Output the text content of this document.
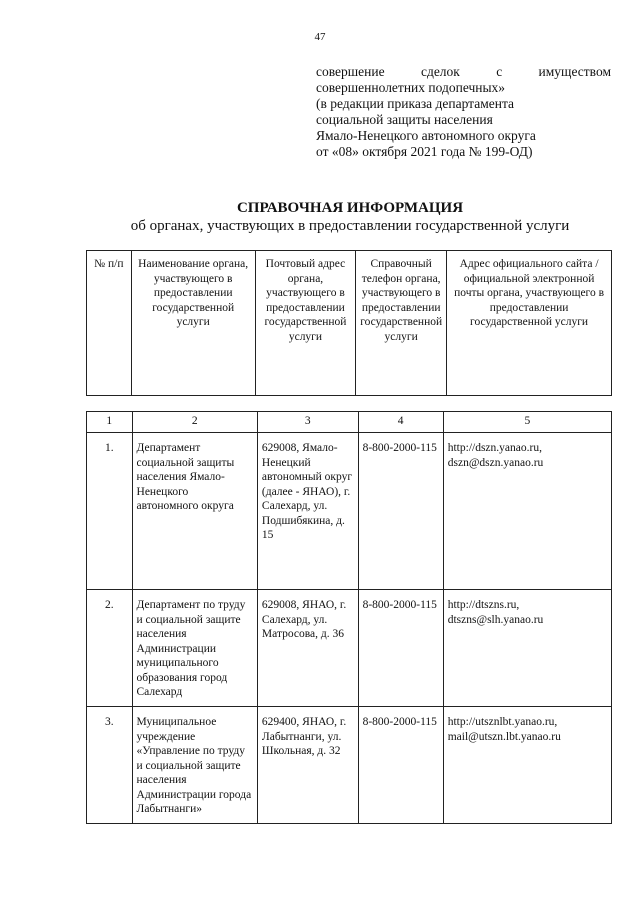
47
совершение сделок с имуществом
совершеннолетних подопечных»
(в редакции приказа департамента
социальной защиты населения
Ямало-Ненецкого автономного округа
от «08» октября 2021 года № 199-ОД)
СПРАВОЧНАЯ ИНФОРМАЦИЯ
об органах, участвующих в предоставлении государственной услуги
№ п/п	Наименование органа, участвующего в предоставлении государственной услуги	Почтовый адрес органа, участвующего в предоставлении государственной услуги	Справочный телефон органа, участвующего в предоставлении государственной услуги	Адрес официального сайта /официальной электронной почты органа, участвующего в предоставлении государственной услуги
1	2	3	4	5
1.	Департамент социальной защиты населения Ямало-Ненецкого автономного округа	629008, Ямало-Ненецкий автономный округ (далее - ЯНАО), г. Салехард, ул. Подшибякина, д. 15	8-800-2000-115	http://dszn.yanao.ru, dszn@dszn.yanao.ru
2.	Департамент по труду и социальной защите населения Администрации муниципального образования город Салехард	629008, ЯНАО, г. Салехард, ул. Матросова, д. 36	8-800-2000-115	http://dtszns.ru, dtszns@slh.yanao.ru
3.	Муниципальное учреждение «Управление по труду и социальной защите населения Администрации города Лабытнанги»	629400, ЯНАО, г. Лабытнанги, ул. Школьная, д. 32	8-800-2000-115	http://utsznlbt.yanao.ru, mail@utszn.lbt.yanao.ru
